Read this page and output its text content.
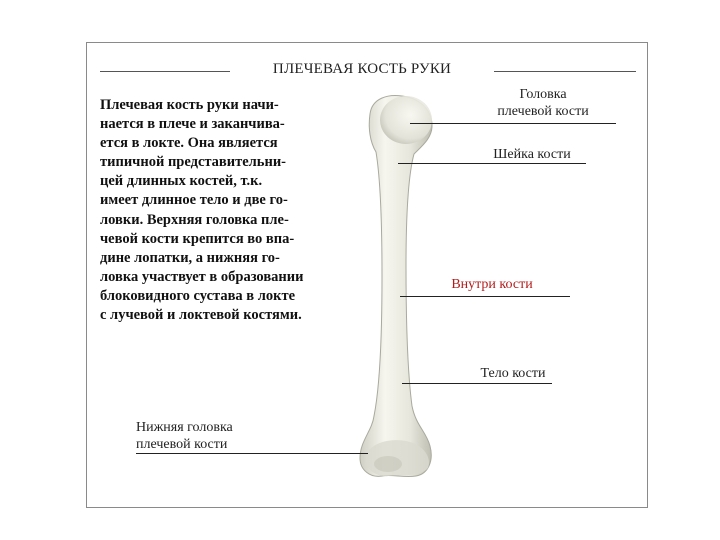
ПЛЕЧЕВАЯ КОСТЬ РУКИ

Плечевая кость руки начи-
нается в плече и заканчива-
ется в локте. Она является
типичной представительни-
цей длинных костей, т.к.
имеет длинное тело и две го-
ловки. Верхняя головка пле-
чевой кости крепится во впа-
дине лопатки, а нижняя го-
ловка участвует в образовании
блоковидного сустава в локте
с лучевой и локтевой костями.

Головка
плечевой кости
Шейка кости
Внутри кости
Тело кости
Нижняя головка
плечевой кости
